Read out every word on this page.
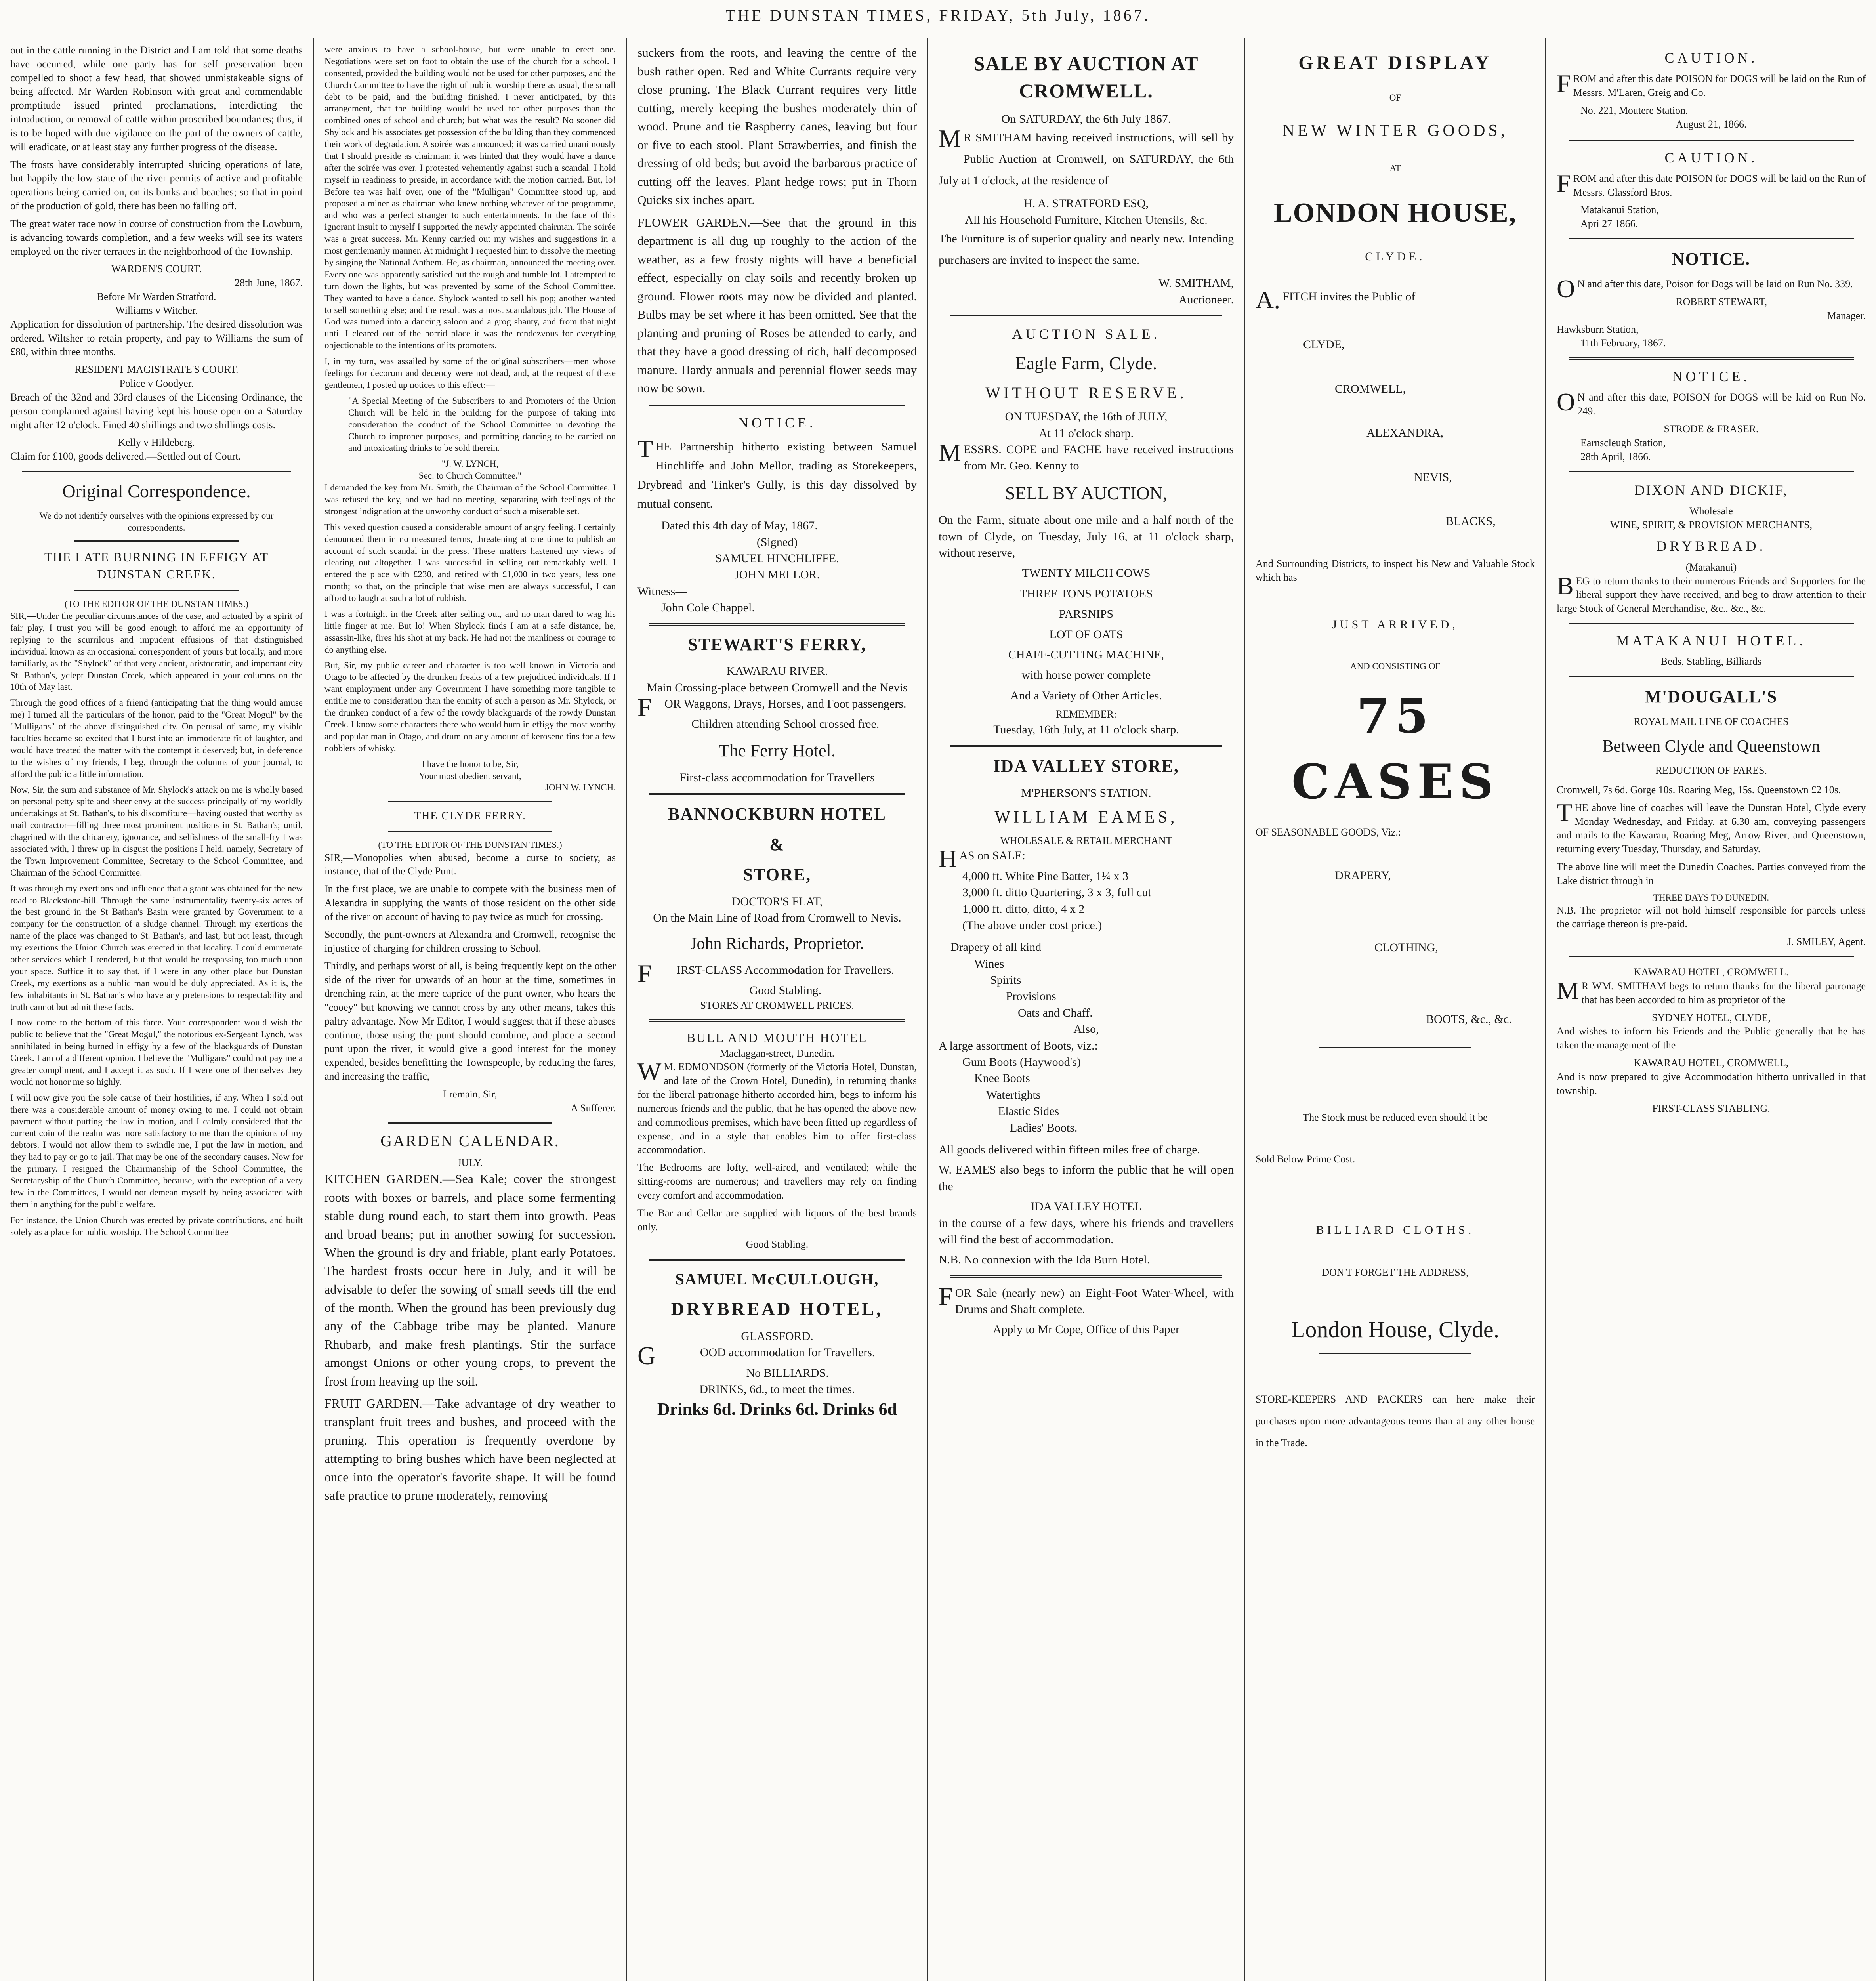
THE DUNSTAN TIMES, FRIDAY, 5th July, 1867.

out in the cattle running in the District and I am told that some deaths have occurred, while one party has for self preservation been compelled to shoot a few head, that showed unmistakeable signs of being affected. Mr Warden Robinson with great and commendable promptitude issued printed proclamations, interdicting the introduction, or removal of cattle within proscribed boundaries; this, it is to be hoped with due vigilance on the part of the owners of cattle, will eradicate, or at least stay any further progress of the disease.

The frosts have considerably interrupted sluicing operations of late, but happily the low state of the river permits of active and profitable operations being carried on, on its banks and beaches; so that in point of the production of gold, there has been no falling off.

The great water race now in course of construction from the Lowburn, is advancing towards completion, and a few weeks will see its waters employed on the river terraces in the neighborhood of the Township.

WARDEN'S COURT.
28th June, 1867.
Before Mr Warden Stratford.
Williams v Witcher.

Application for dissolution of partnership. The desired dissolution was ordered. Wiltsher to retain property, and pay to Williams the sum of £80, within three months.

RESIDENT MAGISTRATE'S COURT.
Police v Goodyer.

Breach of the 32nd and 33rd clauses of the Licensing Ordinance, the person complained against having kept his house open on a Saturday night after 12 o'clock. Fined 40 shillings and two shillings costs.

Kelly v Hildeberg.

Claim for £100, goods delivered.—Settled out of Court.

Original Correspondence.
We do not identify ourselves with the opinions expressed by our correspondents.
THE LATE BURNING IN EFFIGY AT DUNSTAN CREEK.
(TO THE EDITOR OF THE DUNSTAN TIMES.)

SIR,—Under the peculiar circumstances of the case, and actuated by a spirit of fair play, I trust you will be good enough to afford me an opportunity of replying to the scurrilous and impudent effusions of that distinguished individual known as an occasional correspondent of yours but locally, and more familiarly, as the "Shylock" of that very ancient, aristocratic, and important city St. Bathan's, yclept Dunstan Creek, which appeared in your columns on the 10th of May last.

Through the good offices of a friend (anticipating that the thing would amuse me) I turned all the particulars of the honor, paid to the "Great Mogul" by the "Mulligans" of the above distinguished city. On perusal of same, my visible faculties became so excited that I burst into an immoderate fit of laughter, and would have treated the matter with the contempt it deserved; but, in deference to the wishes of my friends, I beg, through the columns of your journal, to afford the public a little information.

Now, Sir, the sum and substance of Mr. Shylock's attack on me is wholly based on personal petty spite and sheer envy at the success principally of my worldly undertakings at St. Bathan's, to his discomfiture—having ousted that worthy as mail contractor—filling three most prominent positions in St. Bathan's; until, chagrined with the chicanery, ignorance, and selfishness of the small-fry I was associated with, I threw up in disgust the positions I held, namely, Secretary of the Town Improvement Committee, Secretary to the School Committee, and Chairman of the School Committee.

It was through my exertions and influence that a grant was obtained for the new road to Blackstone-hill. Through the same instrumentality twenty-six acres of the best ground in the St Bathan's Basin were granted by Government to a company for the construction of a sludge channel. Through my exertions the name of the place was changed to St. Bathan's, and last, but not least, through my exertions the Union Church was erected in that locality. I could enumerate other services which I rendered, but that would be trespassing too much upon your space. Suffice it to say that, if I were in any other place but Dunstan Creek, my exertions as a public man would be duly appreciated. As it is, the few inhabitants in St. Bathan's who have any pretensions to respectability and truth cannot but admit these facts.

I now come to the bottom of this farce. Your correspondent would wish the public to believe that the "Great Mogul," the notorious ex-Sergeant Lynch, was annihilated in being burned in effigy by a few of the blackguards of Dunstan Creek. I am of a different opinion. I believe the "Mulligans" could not pay me a greater compliment, and I accept it as such. If I were one of themselves they would not honor me so highly.

I will now give you the sole cause of their hostilities, if any. When I sold out there was a considerable amount of money owing to me. I could not obtain payment without putting the law in motion, and I calmly considered that the current coin of the realm was more satisfactory to me than the opinions of my debtors. I would not allow them to swindle me, I put the law in motion, and they had to pay or go to jail. That may be one of the secondary causes. Now for the primary. I resigned the Chairmanship of the School Committee, the Secretaryship of the Church Committee, because, with the exception of a very few in the Committees, I would not demean myself by being associated with them in anything for the public welfare.

For instance, the Union Church was erected by private contributions, and built solely as a place for public worship. The School Committee

were anxious to have a school-house, but were unable to erect one. Negotiations were set on foot to obtain the use of the church for a school. I consented, provided the building would not be used for other purposes, and the Church Committee to have the right of public worship there as usual, the small debt to be paid, and the building finished. I never anticipated, by this arrangement, that the building would be used for other purposes than the combined ones of school and church; but what was the result? No sooner did Shylock and his associates get possession of the building than they commenced their work of degradation. A soirée was announced; it was carried unanimously that I should preside as chairman; it was hinted that they would have a dance after the soirée was over. I protested vehemently against such a scandal. I hold myself in readiness to preside, in accordance with the motion carried. But, lo! Before tea was half over, one of the "Mulligan" Committee stood up, and proposed a miner as chairman who knew nothing whatever of the programme, and who was a perfect stranger to such entertainments. In the face of this ignorant insult to myself I supported the newly appointed chairman. The soirée was a great success. Mr. Kenny carried out my wishes and suggestions in a most gentlemanly manner. At midnight I requested him to dissolve the meeting by singing the National Anthem. He, as chairman, announced the meeting over. Every one was apparently satisfied but the rough and tumble lot. I attempted to turn down the lights, but was prevented by some of the School Committee. They wanted to have a dance. Shylock wanted to sell his pop; another wanted to sell something else; and the result was a most scandalous job. The House of God was turned into a dancing saloon and a grog shanty, and from that night until I cleared out of the horrid place it was the rendezvous for everything objectionable to the intentions of its promoters.

I, in my turn, was assailed by some of the original subscribers—men whose feelings for decorum and decency were not dead, and, at the request of these gentlemen, I posted up notices to this effect:—

"A Special Meeting of the Subscribers to and Promoters of the Union Church will be held in the building for the purpose of taking into consideration the conduct of the School Committee in devoting the Church to improper purposes, and permitting dancing to be carried on and intoxicating drinks to be sold therein.

"J. W. LYNCH,
Sec. to Church Committee."

I demanded the key from Mr. Smith, the Chairman of the School Committee. I was refused the key, and we had no meeting, separating with feelings of the strongest indignation at the unworthy conduct of such a miserable set.

This vexed question caused a considerable amount of angry feeling. I certainly denounced them in no measured terms, threatening at one time to publish an account of such scandal in the press. These matters hastened my views of clearing out altogether. I was successful in selling out remarkably well. I entered the place with £230, and retired with £1,000 in two years, less one month; so that, on the principle that wise men are always successful, I can afford to laugh at such a lot of rubbish.

I was a fortnight in the Creek after selling out, and no man dared to wag his little finger at me. But lo! When Shylock finds I am at a safe distance, he, assassin-like, fires his shot at my back. He had not the manliness or courage to do anything else.

But, Sir, my public career and character is too well known in Victoria and Otago to be affected by the drunken freaks of a few prejudiced individuals. If I want employment under any Government I have something more tangible to entitle me to consideration than the enmity of such a person as Mr. Shylock, or the drunken conduct of a few of the rowdy blackguards of the rowdy Dunstan Creek. I know some characters there who would burn in effigy the most worthy and popular man in Otago, and drum on any amount of kerosene tins for a few nobblers of whisky.

I have the honor to be, Sir,
Your most obedient servant,
JOHN W. LYNCH.
THE CLYDE FERRY.
(TO THE EDITOR OF THE DUNSTAN TIMES.)

SIR,—Monopolies when abused, become a curse to society, as instance, that of the Clyde Punt.

In the first place, we are unable to compete with the business men of Alexandra in supplying the wants of those resident on the other side of the river on account of having to pay twice as much for crossing.

Secondly, the punt-owners at Alexandra and Cromwell, recognise the injustice of charging for children crossing to School.

Thirdly, and perhaps worst of all, is being frequently kept on the other side of the river for upwards of an hour at the time, sometimes in drenching rain, at the mere caprice of the punt owner, who hears the "cooey" but knowing we cannot cross by any other means, takes this paltry advantage. Now Mr Editor, I would suggest that if these abuses continue, those using the punt should combine, and place a second punt upon the river, it would give a good interest for the money expended, besides benefitting the Townspeople, by reducing the fares, and increasing the traffic,

I remain, Sir,
A Sufferer.
GARDEN CALENDAR.
JULY.

KITCHEN GARDEN.—Sea Kale; cover the strongest roots with boxes or barrels, and place some fermenting stable dung round each, to start them into growth. Peas and broad beans; put in another sowing for succession. When the ground is dry and friable, plant early Potatoes. The hardest frosts occur here in July, and it will be advisable to defer the sowing of small seeds till the end of the month. When the ground has been previously dug any of the Cabbage tribe may be planted. Manure Rhubarb, and make fresh plantings. Stir the surface amongst Onions or other young crops, to prevent the frost from heaving up the soil.

FRUIT GARDEN.—Take advantage of dry weather to transplant fruit trees and bushes, and proceed with the pruning. This operation is frequently overdone by attempting to bring bushes which have been neglected at once into the operator's favorite shape. It will be found safe practice to prune moderately, removing

suckers from the roots, and leaving the centre of the bush rather open. Red and White Currants require very close pruning. The Black Currant requires very little cutting, merely keeping the bushes moderately thin of wood. Prune and tie Raspberry canes, leaving but four or five to each stool. Plant Strawberries, and finish the dressing of old beds; but avoid the barbarous practice of cutting off the leaves. Plant hedge rows; put in Thorn Quicks six inches apart.

FLOWER GARDEN.—See that the ground in this department is all dug up roughly to the action of the weather, as a few frosty nights will have a beneficial effect, especially on clay soils and recently broken up ground. Flower roots may now be divided and planted. Bulbs may be set where it has been omitted. See that the planting and pruning of Roses be attended to early, and that they have a good dressing of rich, half decomposed manure. Hardy annuals and perennial flower seeds may now be sown.

NOTICE.

THE Partnership hitherto existing between Samuel Hinchliffe and John Mellor, trading as Storekeepers, Drybread and Tinker's Gully, is this day dissolved by mutual consent.

Dated this 4th day of May, 1867.
(Signed)
SAMUEL HINCHLIFFE.
JOHN MELLOR.
Witness—
John Cole Chappel.
STEWART'S FERRY,
KAWARAU RIVER.
Main Crossing-place between Cromwell and the Nevis

FOR Waggons, Drays, Horses, and Foot passengers.

Children attending School crossed free.
The Ferry Hotel.
First-class accommodation for Travellers
BANNOCKBURN HOTEL
&
STORE,
DOCTOR'S FLAT,
On the Main Line of Road from Cromwell to Nevis.
John Richards, Proprietor.

FIRST-CLASS Accommodation for Travellers.

Good Stabling.
STORES AT CROMWELL PRICES.
BULL AND MOUTH HOTEL
Maclaggan-street, Dunedin.

WM. EDMONDSON (formerly of the Victoria Hotel, Dunstan, and late of the Crown Hotel, Dunedin), in returning thanks for the liberal patronage hitherto accorded him, begs to inform his numerous friends and the public, that he has opened the above new and commodious premises, which have been fitted up regardless of expense, and in a style that enables him to offer first-class accommodation.

The Bedrooms are lofty, well-aired, and ventilated; while the sitting-rooms are numerous; and travellers may rely on finding every comfort and accommodation.

The Bar and Cellar are supplied with liquors of the best brands only.

Good Stabling.
SAMUEL McCULLOUGH,
DRYBREAD HOTEL,
GLASSFORD.

GOOD accommodation for Travellers.

No BILLIARDS.
DRINKS, 6d., to meet the times.
Drinks 6d. Drinks 6d. Drinks 6d
SALE BY AUCTION AT CROMWELL.
On SATURDAY, the 6th July 1867.

MR SMITHAM having received instructions, will sell by Public Auction at Cromwell, on SATURDAY, the 6th July at 1 o'clock, at the residence of

H. A. STRATFORD ESQ,
All his Household Furniture, Kitchen Utensils, &c.

The Furniture is of superior quality and nearly new. Intending purchasers are invited to inspect the same.

W. SMITHAM,
Auctioneer.
AUCTION SALE.
Eagle Farm, Clyde.
WITHOUT RESERVE.
ON TUESDAY, the 16th of JULY,
At 11 o'clock sharp.

MESSRS. COPE and FACHE have received instructions from Mr. Geo. Kenny to

SELL BY AUCTION,

On the Farm, situate about one mile and a half north of the town of Clyde, on Tuesday, July 16, at 11 o'clock sharp, without reserve,

TWENTY MILCH COWS
THREE TONS POTATOES
PARSNIPS
LOT OF OATS
CHAFF-CUTTING MACHINE,
with horse power complete
And a Variety of Other Articles.
REMEMBER:
Tuesday, 16th July, at 11 o'clock sharp.
IDA VALLEY STORE,
M'PHERSON'S STATION.
WILLIAM EAMES,
WHOLESALE & RETAIL MERCHANT

HAS on SALE:

4,000 ft. White Pine Batter, 1¼ x 3
3,000 ft. ditto Quartering, 3 x 3, full cut
1,000 ft. ditto, ditto, 4 x 2
(The above under cost price.)
Drapery of all kind
Wines
Spirits
Provisions
Oats and Chaff.
Also,
A large assortment of Boots, viz.:
Gum Boots (Haywood's)
Knee Boots
Watertights
Elastic Sides
Ladies' Boots.

All goods delivered within fifteen miles free of charge.

W. EAMES also begs to inform the public that he will open the

IDA VALLEY HOTEL

in the course of a few days, where his friends and travellers will find the best of accommodation.

N.B. No connexion with the Ida Burn Hotel.

FOR Sale (nearly new) an Eight-Foot Water-Wheel, with Drums and Shaft complete.

Apply to Mr Cope, Office of this Paper
GREAT DISPLAY
OF
NEW WINTER GOODS,
AT
LONDON HOUSE,
CLYDE.

A.FITCH invites the Public of

CLYDE,
CROMWELL,
ALEXANDRA,
NEVIS,
BLACKS,

And Surrounding Districts, to inspect his New and Valuable Stock which has

JUST ARRIVED,
AND CONSISTING OF
75 CASES
OF SEASONABLE GOODS, Viz.:
DRAPERY,
CLOTHING,
BOOTS, &c., &c.
The Stock must be reduced even should it be
Sold Below Prime Cost.
BILLIARD CLOTHS.
DON'T FORGET THE ADDRESS,
London House, Clyde.

STORE-KEEPERS AND PACKERS can here make their purchases upon more advantageous terms than at any other house in the Trade.

CAUTION.

FROM and after this date POISON for DOGS will be laid on the Run of Messrs. M'Laren, Greig and Co.

No. 221, Moutere Station,
August 21, 1866.
CAUTION.

FROM and after this date POISON for DOGS will be laid on the Run of Messrs. Glassford Bros.

Matakanui Station,
Apri 27 1866.
NOTICE.

ON and after this date, Poison for Dogs will be laid on Run No. 339.

ROBERT STEWART,
Manager.
Hawksburn Station,
11th February, 1867.
NOTICE.

ON and after this date, POISON for DOGS will be laid on Run No. 249.

STRODE & FRASER.
Earnscleugh Station,
28th April, 1866.
DIXON AND DICKIF,
Wholesale
WINE, SPIRIT, & PROVISION MERCHANTS,
DRYBREAD.
(Matakanui)

BEG to return thanks to their numerous Friends and Supporters for the liberal support they have received, and beg to draw attention to their large Stock of General Merchandise, &c., &c., &c.

MATAKANUI HOTEL.
Beds, Stabling, Billiards
M'DOUGALL'S
ROYAL MAIL LINE OF COACHES
Between Clyde and Queenstown
REDUCTION OF FARES.

Cromwell, 7s 6d. Gorge 10s. Roaring Meg, 15s. Queenstown £2 10s.

THE above line of coaches will leave the Dunstan Hotel, Clyde every Monday Wednesday, and Friday, at 6.30 am, conveying passengers and mails to the Kawarau, Roaring Meg, Arrow River, and Queenstown, returning every Tuesday, Thursday, and Saturday.

The above line will meet the Dunedin Coaches. Parties conveyed from the Lake district through in

THREE DAYS TO DUNEDIN.

N.B. The proprietor will not hold himself responsible for parcels unless the carriage thereon is pre-paid.

J. SMILEY, Agent.
KAWARAU HOTEL, CROMWELL.

MR WM. SMITHAM begs to return thanks for the liberal patronage that has been accorded to him as proprietor of the

SYDNEY HOTEL, CLYDE,

And wishes to inform his Friends and the Public generally that he has taken the management of the

KAWARAU HOTEL, CROMWELL,

And is now prepared to give Accommodation hitherto unrivalled in that township.

FIRST-CLASS STABLING.
